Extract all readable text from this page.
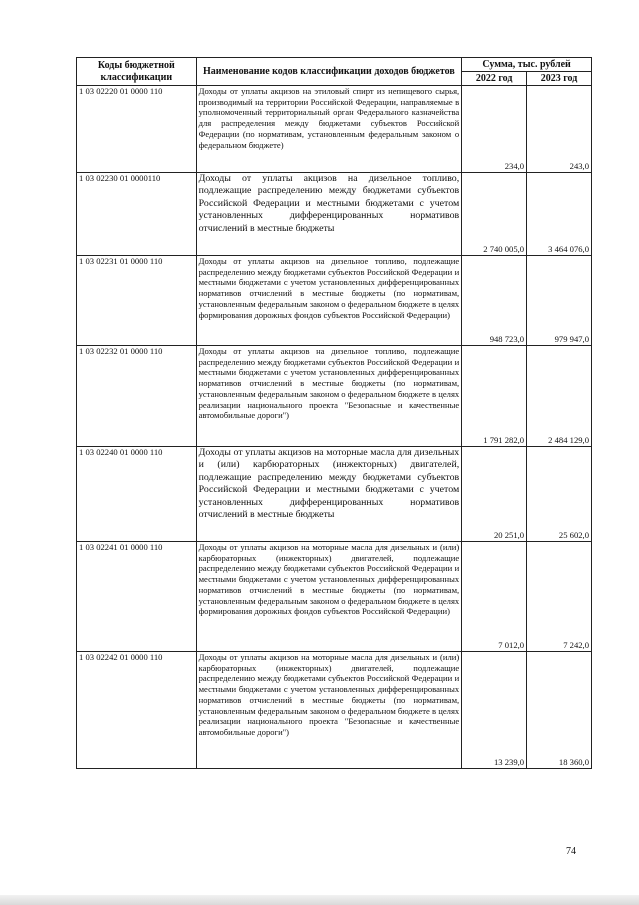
Коды бюджетной классификации	Наименование кодов классификации доходов бюджетов	Сумма, тыс. рублей	
		2022 год	2023 год
1 03 02220 01 0000 110	Доходы от уплаты акцизов на этиловый спирт из непищевого сырья, производимый на территории Российской Федерации, направляемые в уполномоченный территориальный орган Федерального казначейства для распределения между бюджетами субъектов Российской Федерации (по нормативам, установленным федеральным законом о федеральном бюджете)	234,0	243,0
1 03 02230 01 0000110	Доходы от уплаты акцизов на дизельное топливо, подлежащие распределению между бюджетами субъектов Российской Федерации и местными бюджетами с учетом установленных дифференцированных нормативов отчислений в местные бюджеты	2 740 005,0	3 464 076,0
1 03 02231 01 0000 110	Доходы от уплаты акцизов на дизельное топливо, подлежащие распределению между бюджетами субъектов Российской Федерации и местными бюджетами с учетом установленных дифференцированных нормативов отчислений в местные бюджеты (по нормативам, установленным федеральным законом о федеральном бюджете в целях формирования дорожных фондов субъектов Российской Федерации)	948 723,0	979 947,0
1 03 02232 01 0000 110	Доходы от уплаты акцизов на дизельное топливо, подлежащие распределению между бюджетами субъектов Российской Федерации и местными бюджетами с учетом установленных дифференцированных нормативов отчислений в местные бюджеты (по нормативам, установленным федеральным законом о федеральном бюджете в целях реализации национального проекта "Безопасные и качественные автомобильные дороги")	1 791 282,0	2 484 129,0
1 03 02240 01 0000 110	Доходы от уплаты акцизов на моторные масла для дизельных и (или) карбюраторных (инжекторных) двигателей, подлежащие распределению между бюджетами субъектов Российской Федерации и местными бюджетами с учетом установленных дифференцированных нормативов отчислений в местные бюджеты	20 251,0	25 602,0
1 03 02241 01 0000 110	Доходы от уплаты акцизов на моторные масла для дизельных и (или) карбюраторных (инжекторных) двигателей, подлежащие распределению между бюджетами субъектов Российской Федерации и местными бюджетами с учетом установленных дифференцированных нормативов отчислений в местные бюджеты (по нормативам, установленным федеральным законом о федеральном бюджете в целях формирования дорожных фондов субъектов Российской Федерации)	7 012,0	7 242,0
1 03 02242 01 0000 110	Доходы от уплаты акцизов на моторные масла для дизельных и (или) карбюраторных (инжекторных) двигателей, подлежащие распределению между бюджетами субъектов Российской Федерации и местными бюджетами с учетом установленных дифференцированных нормативов отчислений в местные бюджеты (по нормативам, установленным федеральным законом о федеральном бюджете в целях реализации национального проекта "Безопасные и качественные автомобильные дороги")	13 239,0	18 360,0
74
